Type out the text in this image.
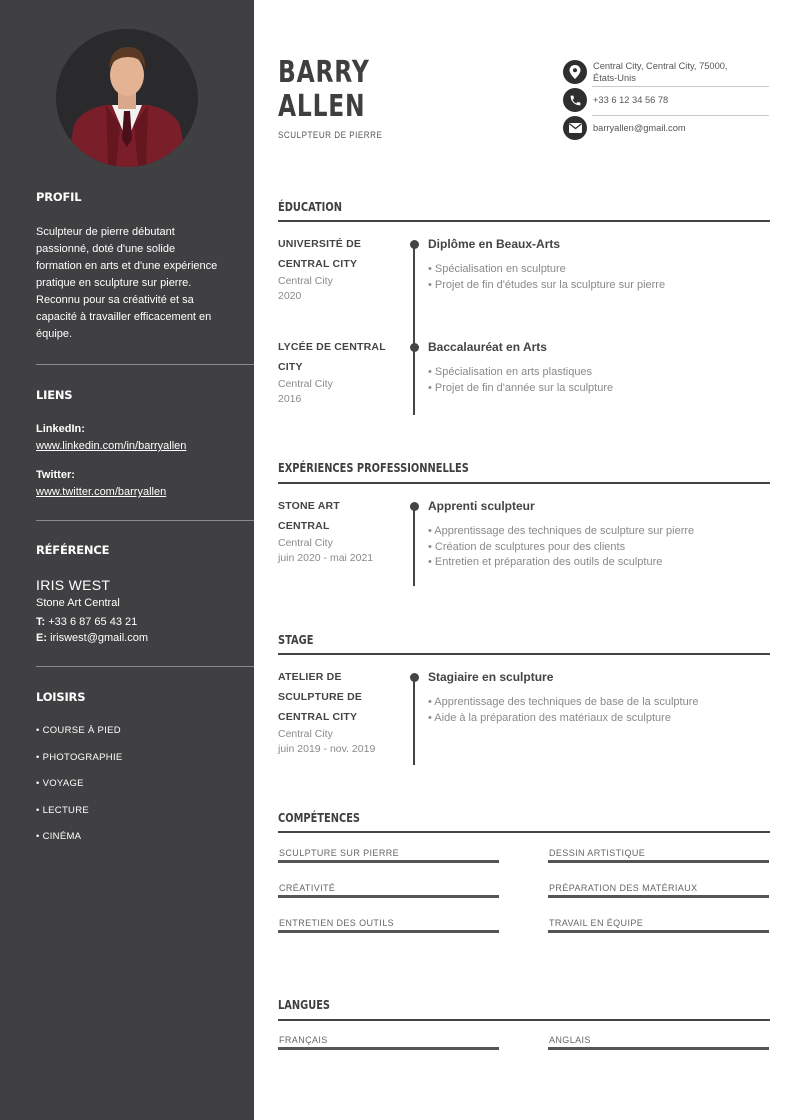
PROFIL
Sculpteur de pierre débutant passionné, doté d'une solide formation en arts et d'une expérience pratique en sculpture sur pierre. Reconnu pour sa créativité et sa capacité à travailler efficacement en équipe.
LIENS
LinkedIn:
www.linkedin.com/in/barryallen
Twitter:
www.twitter.com/barryallen
RÉFÉRENCE
IRIS WEST
Stone Art Central
T: +33 6 87 65 43 21
E: iriswest@gmail.com
LOISIRS
• COURSE À PIED
• PHOTOGRAPHIE
• VOYAGE
• LECTURE
• CINÉMA
BARRY
ALLEN
SCULPTEUR DE PIERRE
Central City, Central City, 75000, États-Unis
+33 6 12 34 56 78
barryallen@gmail.com
ÉDUCATION
UNIVERSITÉ DE CENTRAL CITY
Central City
2020
Diplôme en Beaux-Arts
• Spécialisation en sculpture
• Projet de fin d'études sur la sculpture sur pierre
LYCÉE DE CENTRAL CITY
Central City
2016
Baccalauréat en Arts
• Spécialisation en arts plastiques
• Projet de fin d'année sur la sculpture
EXPÉRIENCES PROFESSIONNELLES
STONE ART CENTRAL
Central City
juin 2020 - mai 2021
Apprenti sculpteur
• Apprentissage des techniques de sculpture sur pierre
• Création de sculptures pour des clients
• Entretien et préparation des outils de sculpture
STAGE
ATELIER DE SCULPTURE DE CENTRAL CITY
Central City
juin 2019 - nov. 2019
Stagiaire en sculpture
• Apprentissage des techniques de base de la sculpture
• Aide à la préparation des matériaux de sculpture
COMPÉTENCES
SCULPTURE SUR PIERRE	DESSIN ARTISTIQUE
CRÉATIVITÉ	PRÉPARATION DES MATÉRIAUX
ENTRETIEN DES OUTILS	TRAVAIL EN ÉQUIPE
LANGUES
FRANÇAIS	ANGLAIS
